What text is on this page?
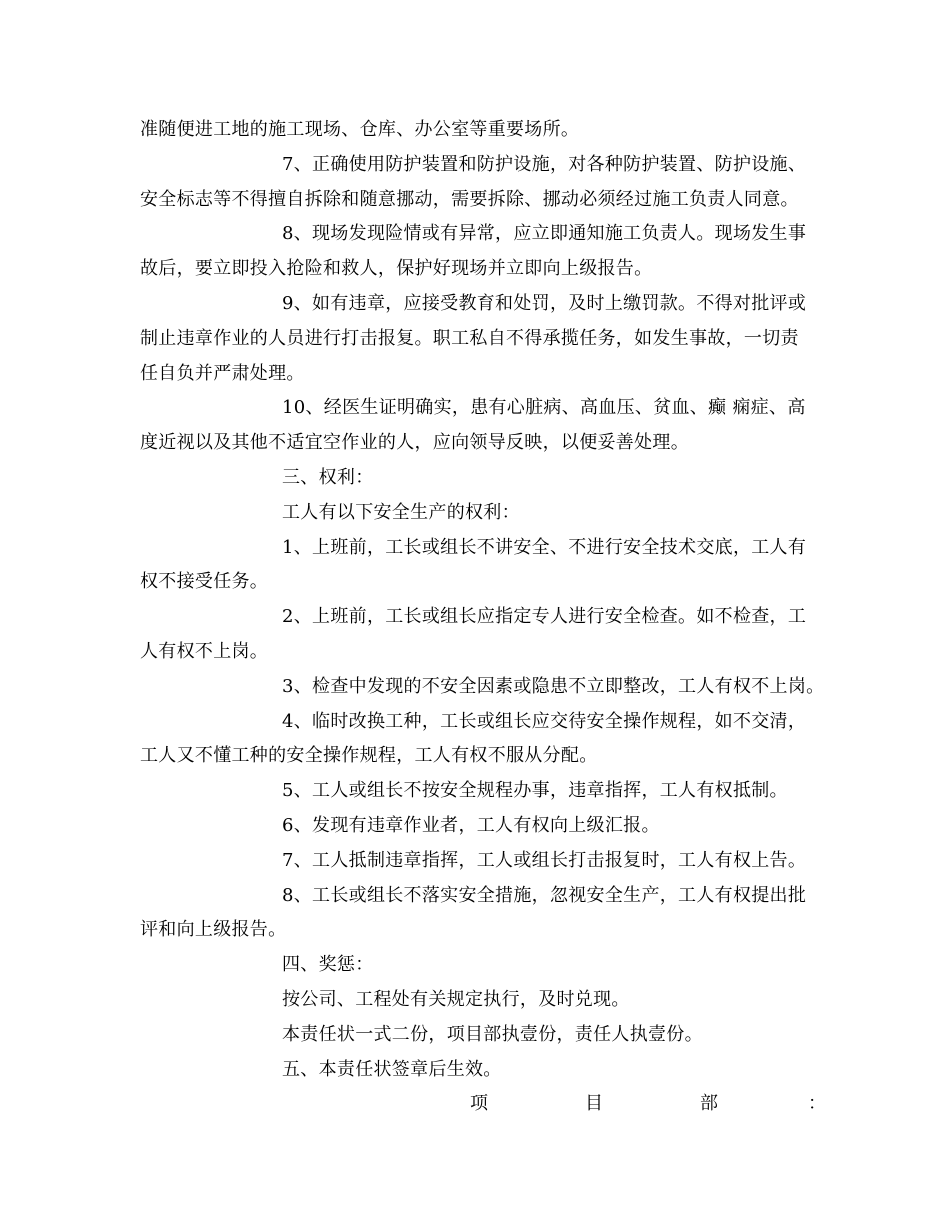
准随便进工地的施工现场、仓库、办公室等重要场所。
7、正确使用防护装置和防护设施，对各种防护装置、防护设施、
安全标志等不得擅自拆除和随意挪动，需要拆除、挪动必须经过施工负责人同意。
8、现场发现险情或有异常，应立即通知施工负责人。现场发生事
故后，要立即投入抢险和救人，保护好现场并立即向上级报告。
9、如有违章，应接受教育和处罚，及时上缴罚款。不得对批评或
制止违章作业的人员进行打击报复。职工私自不得承揽任务，如发生事故，一切责
任自负并严肃处理。
10、经医生证明确实，患有心脏病、高血压、贫血、癫 痫症、高
度近视以及其他不适宜空作业的人，应向领导反映，以便妥善处理。
三、权利：
工人有以下安全生产的权利：
1、上班前，工长或组长不讲安全、不进行安全技术交底，工人有
权不接受任务。
2、上班前，工长或组长应指定专人进行安全检查。如不检查，工
人有权不上岗。
3、检查中发现的不安全因素或隐患不立即整改，工人有权不上岗。
4、临时改换工种，工长或组长应交待安全操作规程，如不交清，
工人又不懂工种的安全操作规程，工人有权不服从分配。
5、工人或组长不按安全规程办事，违章指挥，工人有权抵制。
6、发现有违章作业者，工人有权向上级汇报。
7、工人抵制违章指挥，工人或组长打击报复时，工人有权上告。
8、工长或组长不落实安全措施，忽视安全生产，工人有权提出批
评和向上级报告。
四、奖惩：
按公司、工程处有关规定执行，及时兑现。
本责任状一式二份，项目部执壹份，责任人执壹份。
五、本责任状签章后生效。
项	目	部	：
